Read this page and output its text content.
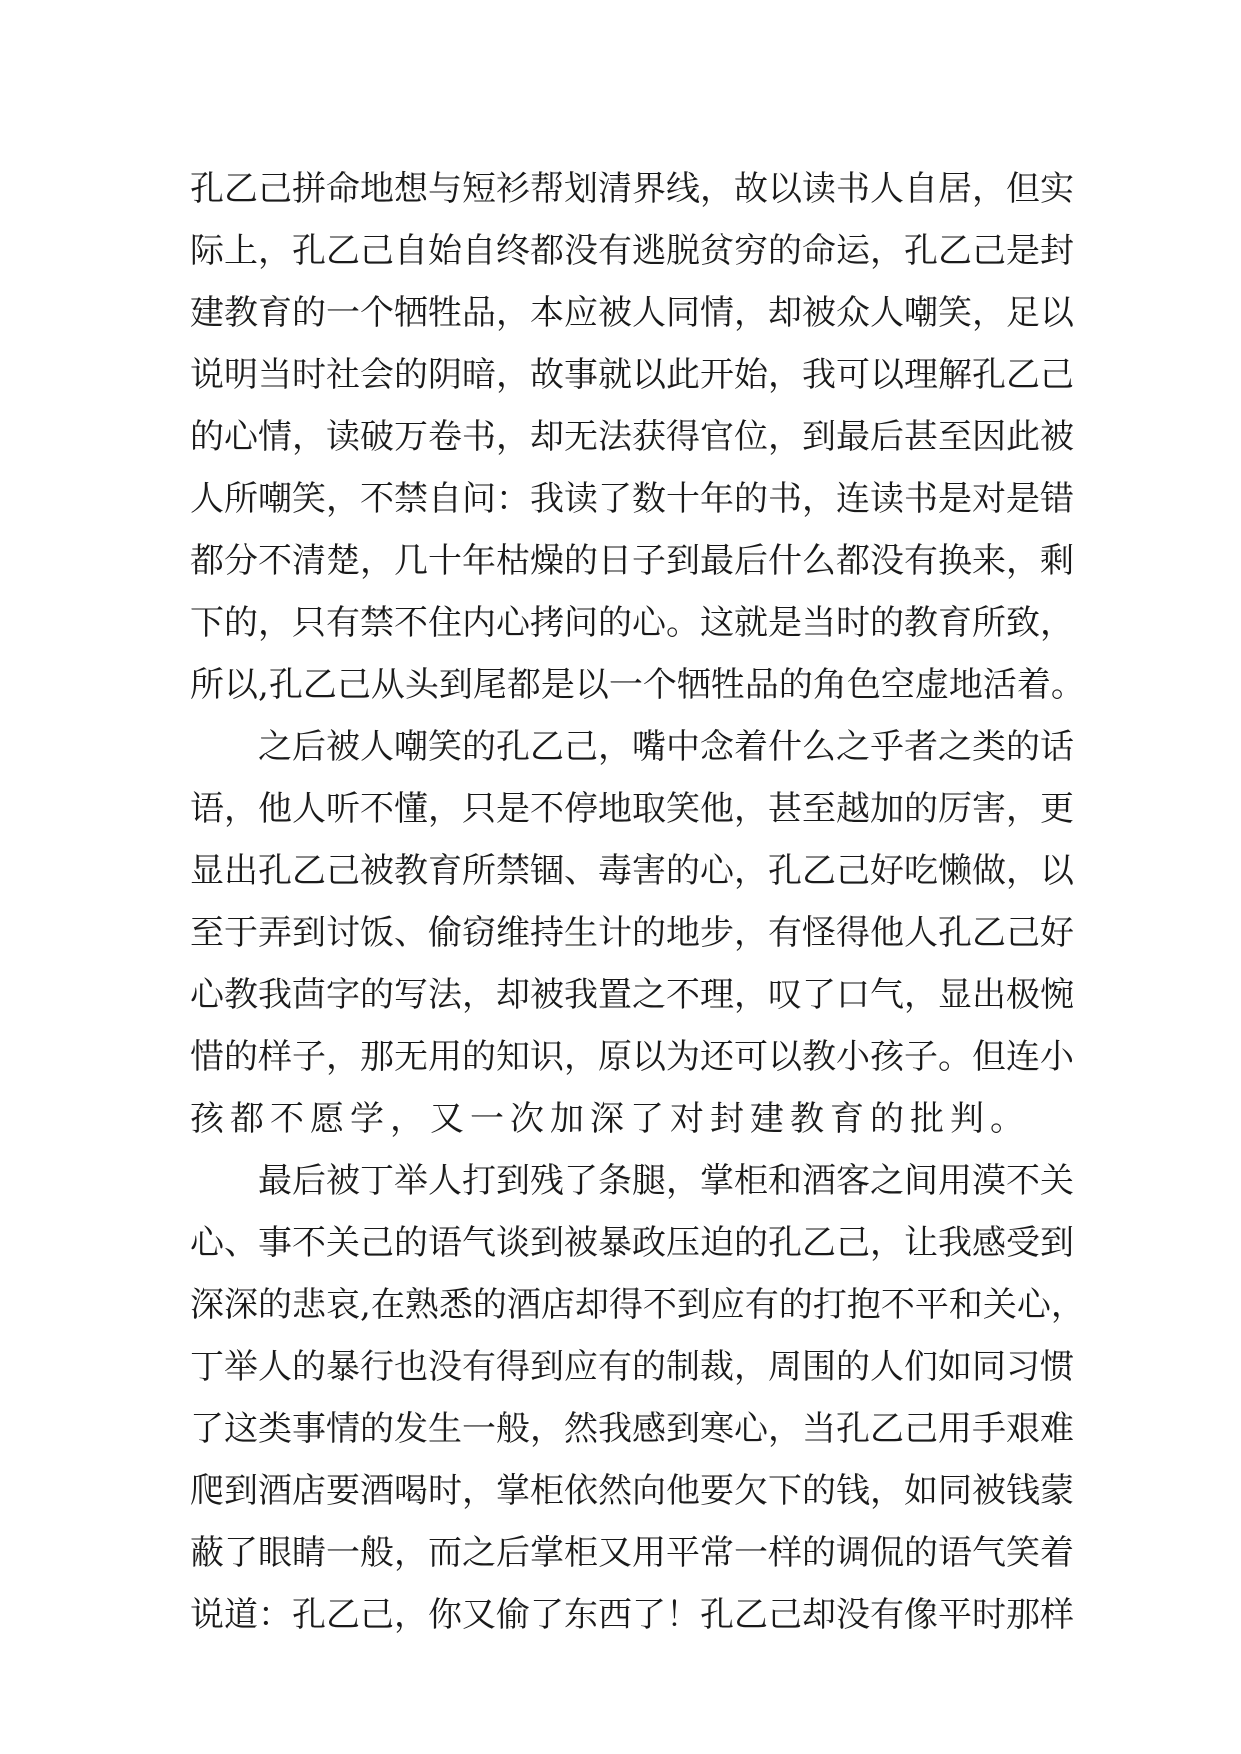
孔 乙 己 拼 命 地 想 与 短 衫 帮 划 清 界 线 ， 故 以 读 书 人 自 居 ， 但 实
际 上 ， 孔 乙 己 自 始 自 终 都 没 有 逃 脱 贫 穷 的 命 运 ， 孔 乙 己 是 封
建 教 育 的 一 个 牺 牲 品 ， 本 应 被 人 同 情 ， 却 被 众 人 嘲 笑 ， 足 以
说 明 当 时 社 会 的 阴 暗 ， 故 事 就 以 此 开 始 ， 我 可 以 理 解 孔 乙 己
的 心 情 ， 读 破 万 卷 书 ， 却 无 法 获 得 官 位 ， 到 最 后 甚 至 因 此 被
人 所 嘲 笑 ， 不 禁 自 问 ： 我 读 了 数 十 年 的 书 ， 连 读 书 是 对 是 错
都 分 不 清 楚 ， 几 十 年 枯 燥 的 日 子 到 最 后 什 么 都 没 有 换 来 ， 剩
下 的 ， 只 有 禁 不 住 内 心 拷 问 的 心 。 这 就 是 当 时 的 教 育 所 致 ，
所 以 , 孔 乙 己 从 头 到 尾 都 是 以 一 个 牺 牲 品 的 角 色 空 虚 地 活 着 。
之 后 被 人 嘲 笑 的 孔 乙 己 ， 嘴 中 念 着 什 么 之 乎 者 之 类 的 话
语 ， 他 人 听 不 懂 ， 只 是 不 停 地 取 笑 他 ， 甚 至 越 加 的 厉 害 ， 更
显 出 孔 乙 己 被 教 育 所 禁 锢 、 毒 害 的 心 ， 孔 乙 己 好 吃 懒 做 ， 以
至 于 弄 到 讨 饭 、 偷 窃 维 持 生 计 的 地 步 ， 有 怪 得 他 人 孔 乙 己 好
心 教 我 茴 字 的 写 法 ， 却 被 我 置 之 不 理 ， 叹 了 口 气 ， 显 出 极 惋
惜 的 样 子 ， 那 无 用 的 知 识 ， 原 以 为 还 可 以 教 小 孩 子 。 但 连 小
孩都不愿学，又一次加深了对封建教育的批判。
最 后 被 丁 举 人 打 到 残 了 条 腿 ， 掌 柜 和 酒 客 之 间 用 漠 不 关
心 、 事 不 关 己 的 语 气 谈 到 被 暴 政 压 迫 的 孔 乙 己 ， 让 我 感 受 到
深 深 的 悲 哀 , 在 熟 悉 的 酒 店 却 得 不 到 应 有 的 打 抱 不 平 和 关 心 ，
丁 举 人 的 暴 行 也 没 有 得 到 应 有 的 制 裁 ， 周 围 的 人 们 如 同 习 惯
了 这 类 事 情 的 发 生 一 般 ， 然 我 感 到 寒 心 ， 当 孔 乙 己 用 手 艰 难
爬 到 酒 店 要 酒 喝 时 ， 掌 柜 依 然 向 他 要 欠 下 的 钱 ， 如 同 被 钱 蒙
蔽 了 眼 睛 一 般 ， 而 之 后 掌 柜 又 用 平 常 一 样 的 调 侃 的 语 气 笑 着
说 道 ： 孔 乙 己 ， 你 又 偷 了 东 西 了 ！ 孔 乙 己 却 没 有 像 平 时 那 样
